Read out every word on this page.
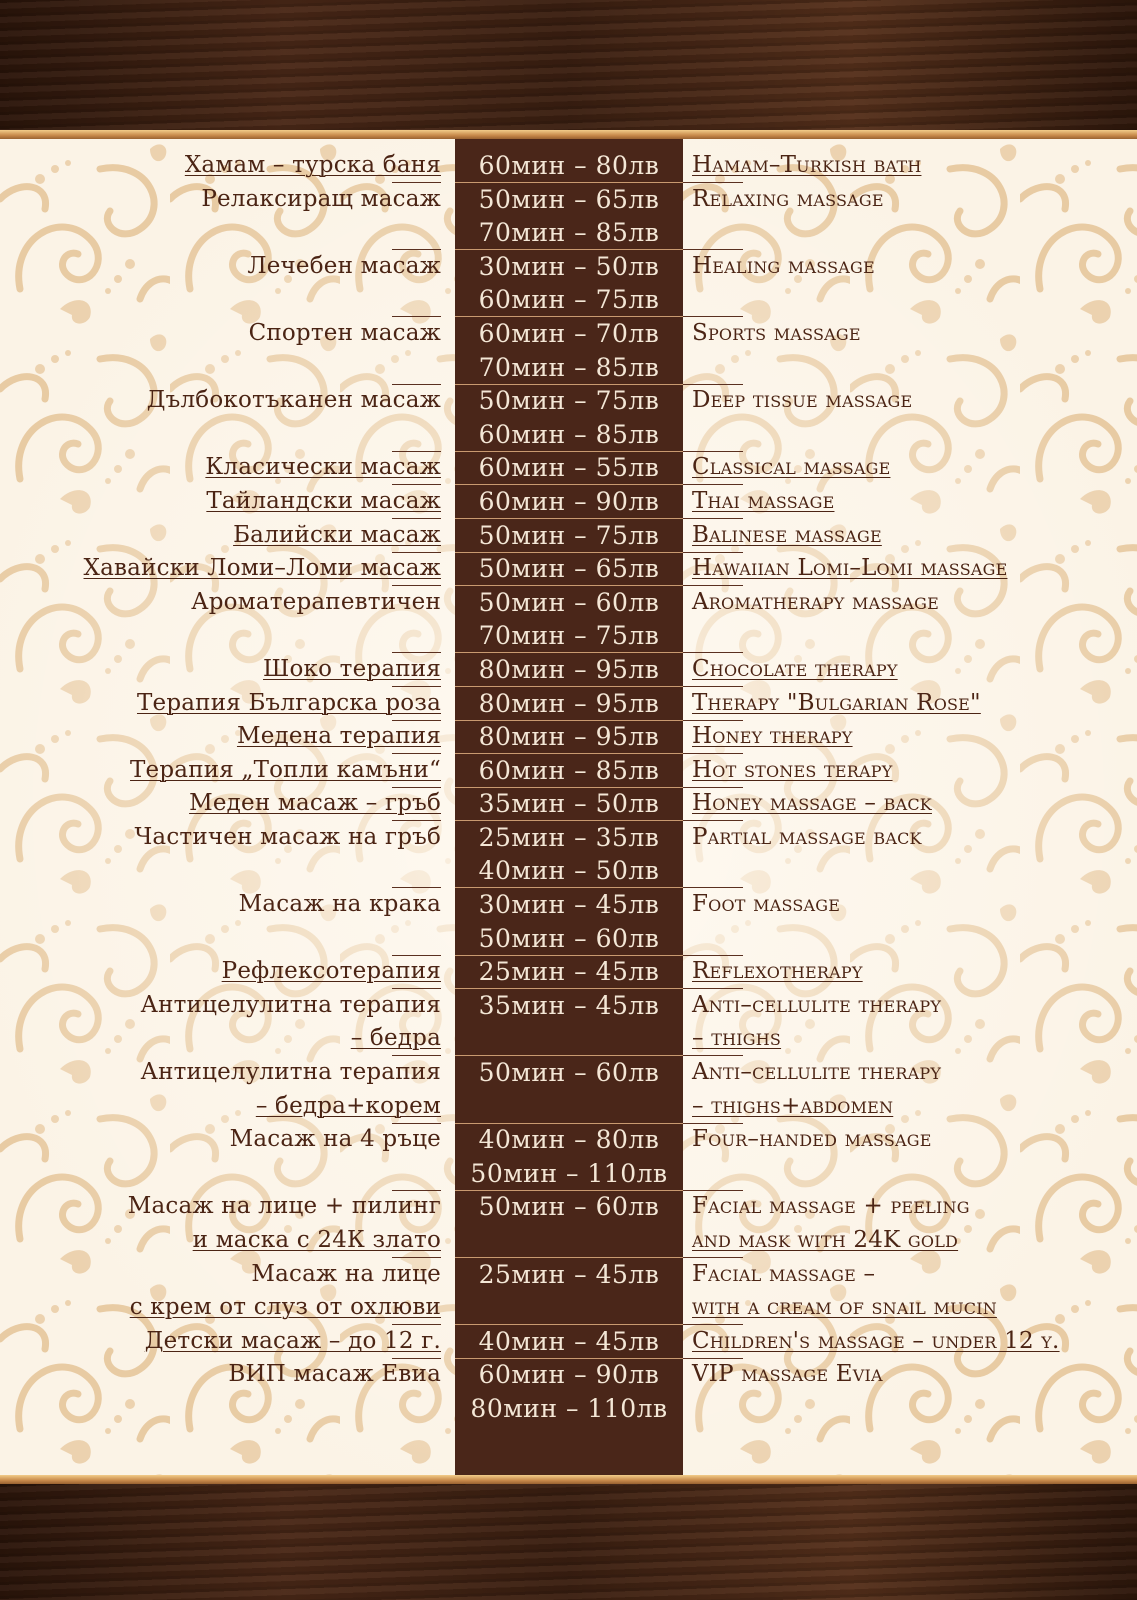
Хамам – турска баня	60мин – 80лв	Hamam–Turkish bath
Релаксиращ масаж	50мин – 65лв	Relaxing massage
70мин – 85лв
Лечебен масаж	30мин – 50лв	Healing massage
60мин – 75лв
Спортен масаж	60мин – 70лв	Sports massage
70мин – 85лв
Дълбокотъканен масаж	50мин – 75лв	Deep tissue massage
60мин – 85лв
Класически масаж	60мин – 55лв	Classical massage
Тайландски масаж	60мин – 90лв	Thai massage
Балийски масаж	50мин – 75лв	Balinese massage
Хавайски Ломи–Ломи масаж	50мин – 65лв	Hawaiian Lomi–Lomi massage
Ароматерапевтичен	50мин – 60лв	Aromatherapy massage
70мин – 75лв
Шоко терапия	80мин – 95лв	Chocolate therapy
Терапия Българска роза	80мин – 95лв	Therapy "Bulgarian Rose"
Медена терапия	80мин – 95лв	Honey therapy
Терапия „Топли камъни“	60мин – 85лв	Hot stones terapy
Меден масаж – гръб	35мин – 50лв	Honey massage – back
Частичен масаж на гръб	25мин – 35лв	Partial massage back
40мин – 50лв
Масаж на крака	30мин – 45лв	Foot massage
50мин – 60лв
Рефлексотерапия	25мин – 45лв	Reflexotherapy
Антицелулитна терапия	35мин – 45лв	Anti–cellulite therapy
– бедра	– thighs
Антицелулитна терапия	50мин – 60лв	Anti–cellulite therapy
– бедра+корем	– thighs+abdomen
Масаж на 4 ръце	40мин – 80лв	Four–handed massage
50мин – 110лв
Масаж на лице + пилинг	50мин – 60лв	Facial massage + peeling
и маска с 24К злато	and mask with 24K gold
Масаж на лице	25мин – 45лв	Facial massage –
с крем от слуз от охлюви	with a cream of snail mucin
Детски масаж – до 12 г.	40мин – 45лв	Children's massage – under 12 y.
ВИП масаж Евиа	60мин – 90лв	VIP massage Evia
80мин – 110лв
